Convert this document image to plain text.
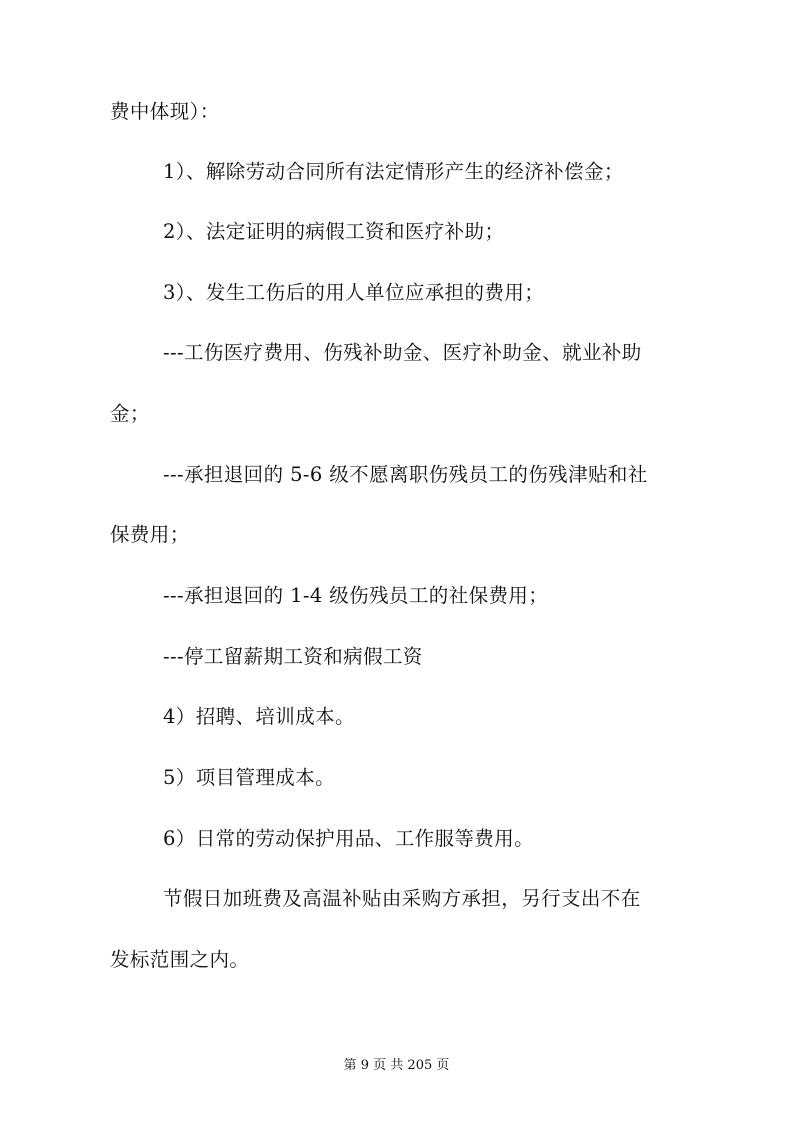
费中体现）：
1）、解除劳动合同所有法定情形产生的经济补偿金；
2）、法定证明的病假工资和医疗补助；
3）、发生工伤后的用人单位应承担的费用；
---工伤医疗费用、伤残补助金、医疗补助金、就业补助
金；
---承担退回的 5-6 级不愿离职伤残员工的伤残津贴和社
保费用；
---承担退回的 1-4 级伤残员工的社保费用；
---停工留薪期工资和病假工资
4）招聘、培训成本。
5）项目管理成本。
6）日常的劳动保护用品、工作服等费用。
节假日加班费及高温补贴由采购方承担，另行支出不在
发标范围之内。
第 9 页 共 205 页
